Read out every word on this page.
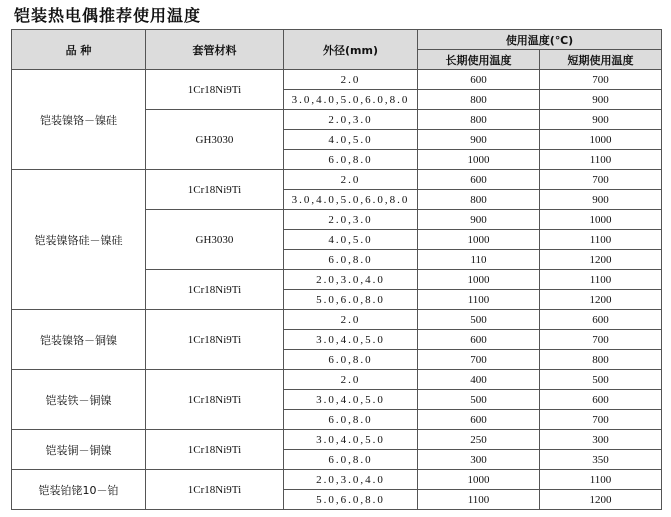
铠装热电偶推荐使用温度
品 种	套管材料	外径(mm)	使用温度(℃)	
			长期使用温度	短期使用温度
铠装镍铬－镍硅	1Cr18Ni9Ti	2.0	600	700
		3.0,4.0,5.0,6.0,8.0	800	900
	GH3030	2.0,3.0	800	900
		4.0,5.0	900	1000
		6.0,8.0	1000	1100
铠装镍铬硅－镍硅	1Cr18Ni9Ti	2.0	600	700
		3.0,4.0,5.0,6.0,8.0	800	900
	GH3030	2.0,3.0	900	1000
		4.0,5.0	1000	1100
		6.0,8.0	110	1200
	1Cr18Ni9Ti	2.0,3.0,4.0	1000	1100
		5.0,6.0,8.0	1100	1200
铠装镍铬－铜镍	1Cr18Ni9Ti	2.0	500	600
		3.0,4.0,5.0	600	700
		6.0,8.0	700	800
铠装铁－铜镍	1Cr18Ni9Ti	2.0	400	500
		3.0,4.0,5.0	500	600
		6.0,8.0	600	700
铠装铜－铜镍	1Cr18Ni9Ti	3.0,4.0,5.0	250	300
		6.0,8.0	300	350
铠装铂铑10－铂	1Cr18Ni9Ti	2.0,3.0,4.0	1000	1100
		5.0,6.0,8.0	1100	1200
